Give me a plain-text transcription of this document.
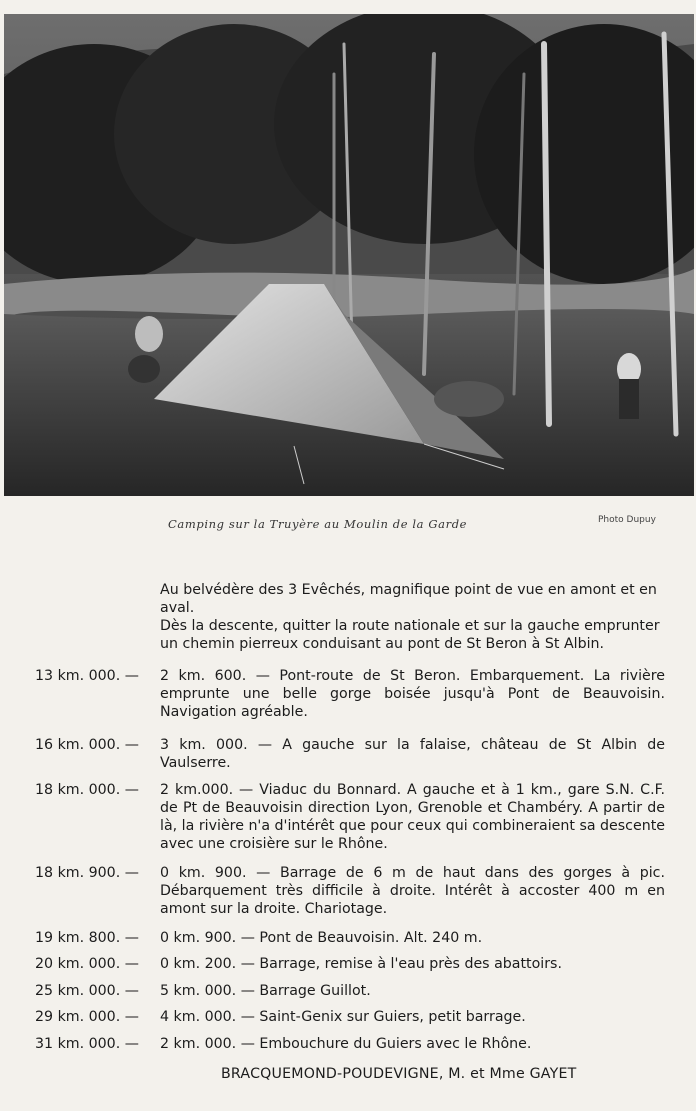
Camping sur la Truyère au Moulin de la Garde	Photo Dupuy

Au belvédère des 3 Evêchés, magnifique point de vue en amont et en aval.

Dès la descente, quitter la route nationale et sur la gauche emprunter un chemin pierreux conduisant au pont de St Beron à St Albin.

13 km. 000. —	2 km. 600. — Pont-route de St Beron. Embarquement. La rivière emprunte une belle gorge boisée jusqu'à Pont de Beauvoisin. Navigation agréable.
16 km. 000. —	3 km. 000. — A gauche sur la falaise, château de St Albin de Vaulserre.
18 km. 000. —	2 km.000. — Viaduc du Bonnard. A gauche et à 1 km., gare S.N. C.F. de Pt de Beauvoisin direction Lyon, Grenoble et Chambéry. A partir de là, la rivière n'a d'intérêt que pour ceux qui combineraient sa descente avec une croisière sur le Rhône.
18 km. 900. —	0 km. 900. — Barrage de 6 m de haut dans des gorges à pic. Débarquement très difficile à droite. Intérêt à accoster 400 m en amont sur la droite. Chariotage.
19 km. 800. —	0 km. 900. — Pont de Beauvoisin. Alt. 240 m.
20 km. 000. —	0 km. 200. — Barrage, remise à l'eau près des abattoirs.
25 km. 000. —	5 km. 000. — Barrage Guillot.
29 km. 000. —	4 km. 000. — Saint-Genix sur Guiers, petit barrage.
31 km. 000. —	2 km. 000. — Embouchure du Guiers avec le Rhône.
BRACQUEMOND-POUDEVIGNE, M. et Mme GAYET
